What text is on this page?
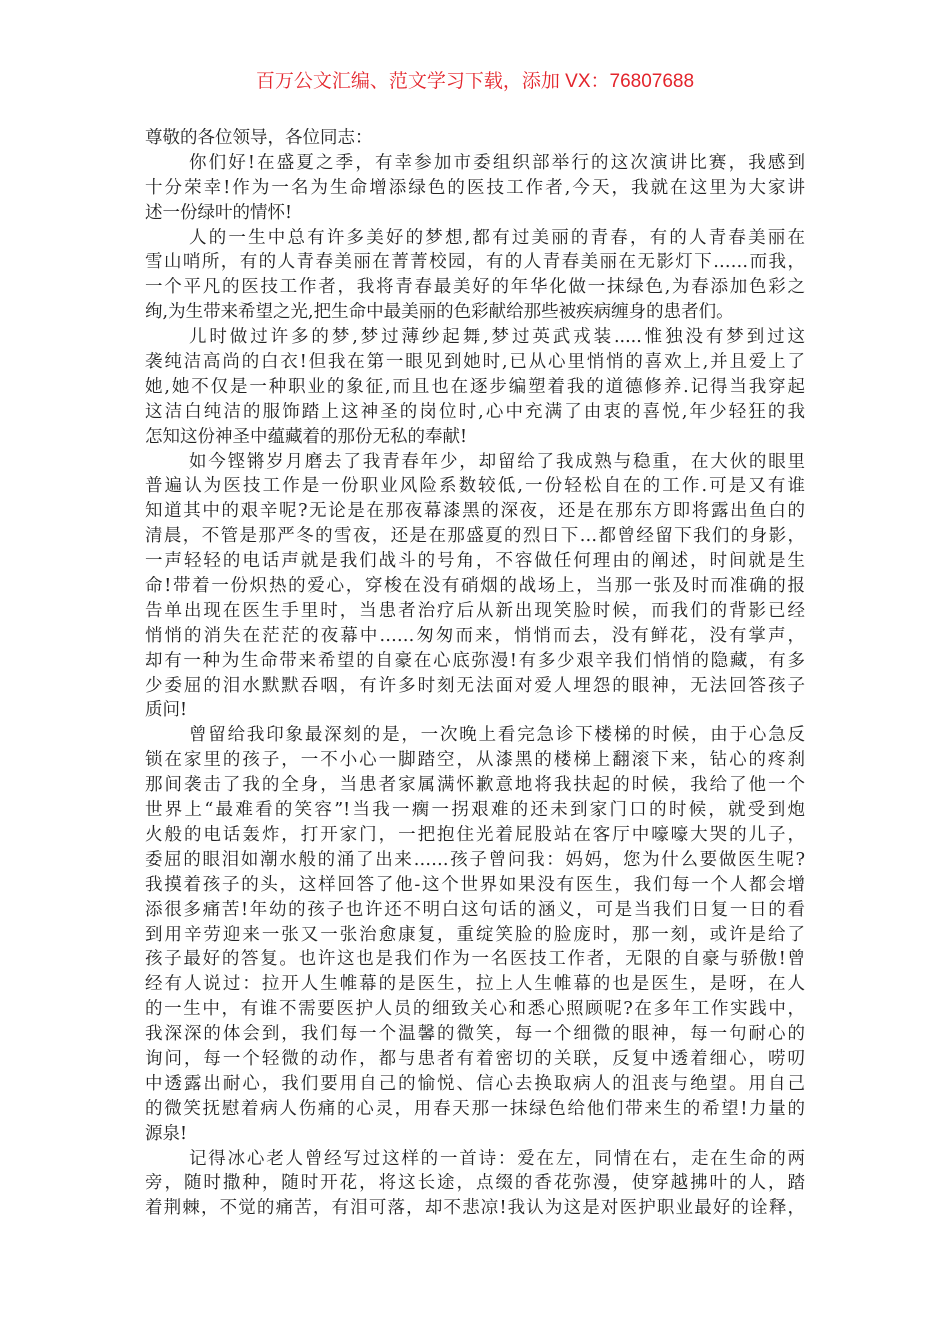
百万公文汇编、范文学习下载，添加 VX：76807688
尊敬的各位领导，各位同志：
你们好!在盛夏之季，有幸参加市委组织部举行的这次演讲比赛，我感到
十分荣幸!作为一名为生命增添绿色的医技工作者,今天，我就在这里为大家讲
述一份绿叶的情怀!
人的一生中总有许多美好的梦想,都有过美丽的青春，有的人青春美丽在
雪山哨所，有的人青春美丽在菁菁校园，有的人青春美丽在无影灯下……而我，
一个平凡的医技工作者，我将青春最美好的年华化做一抹绿色,为春添加色彩之
绚,为生带来希望之光,把生命中最美丽的色彩献给那些被疾病缠身的患者们。
儿时做过许多的梦,梦过薄纱起舞,梦过英武戎装.....惟独没有梦到过这
袭纯洁高尚的白衣!但我在第一眼见到她时,已从心里悄悄的喜欢上,并且爱上了
她,她不仅是一种职业的象征,而且也在逐步编塑着我的道德修养.记得当我穿起
这洁白纯洁的服饰踏上这神圣的岗位时,心中充满了由衷的喜悦,年少轻狂的我
怎知这份神圣中蕴藏着的那份无私的奉献!
如今铿锵岁月磨去了我青春年少，却留给了我成熟与稳重，在大伙的眼里
普遍认为医技工作是一份职业风险系数较低,一份轻松自在的工作.可是又有谁
知道其中的艰辛呢?无论是在那夜幕漆黑的深夜，还是在那东方即将露出鱼白的
清晨，不管是那严冬的雪夜，还是在那盛夏的烈日下…都曾经留下我们的身影，
一声轻轻的电话声就是我们战斗的号角，不容做任何理由的阐述，时间就是生
命!带着一份炽热的爱心，穿梭在没有硝烟的战场上，当那一张及时而准确的报
告单出现在医生手里时，当患者治疗后从新出现笑脸时候，而我们的背影已经
悄悄的消失在茫茫的夜幕中……匆匆而来，悄悄而去，没有鲜花，没有掌声，
却有一种为生命带来希望的自豪在心底弥漫!有多少艰辛我们悄悄的隐藏，有多
少委屈的泪水默默吞咽，有许多时刻无法面对爱人埋怨的眼神，无法回答孩子
质问!
曾留给我印象最深刻的是，一次晚上看完急诊下楼梯的时候，由于心急反
锁在家里的孩子，一不小心一脚踏空，从漆黑的楼梯上翻滚下来，钻心的疼刹
那间袭击了我的全身，当患者家属满怀歉意地将我扶起的时候，我给了他一个
世界上“最难看的笑容”!当我一瘸一拐艰难的还未到家门口的时候，就受到炮
火般的电话轰炸，打开家门，一把抱住光着屁股站在客厅中嚎嚎大哭的儿子，
委屈的眼泪如潮水般的涌了出来……孩子曾问我：妈妈，您为什么要做医生呢?
我摸着孩子的头，这样回答了他-这个世界如果没有医生，我们每一个人都会增
添很多痛苦!年幼的孩子也许还不明白这句话的涵义，可是当我们日复一日的看
到用辛劳迎来一张又一张治愈康复，重绽笑脸的脸庞时，那一刻，或许是给了
孩子最好的答复。也许这也是我们作为一名医技工作者，无限的自豪与骄傲!曾
经有人说过：拉开人生帷幕的是医生，拉上人生帷幕的也是医生，是呀，在人
的一生中，有谁不需要医护人员的细致关心和悉心照顾呢?在多年工作实践中，
我深深的体会到，我们每一个温馨的微笑，每一个细微的眼神，每一句耐心的
询问，每一个轻微的动作，都与患者有着密切的关联，反复中透着细心，唠叨
中透露出耐心，我们要用自己的愉悦、信心去换取病人的沮丧与绝望。用自己
的微笑抚慰着病人伤痛的心灵，用春天那一抹绿色给他们带来生的希望!力量的
源泉!
记得冰心老人曾经写过这样的一首诗：爱在左，同情在右，走在生命的两
旁，随时撒种，随时开花，将这长途，点缀的香花弥漫，使穿越拂叶的人，踏
着荆棘，不觉的痛苦，有泪可落，却不悲凉!我认为这是对医护职业最好的诠释，
